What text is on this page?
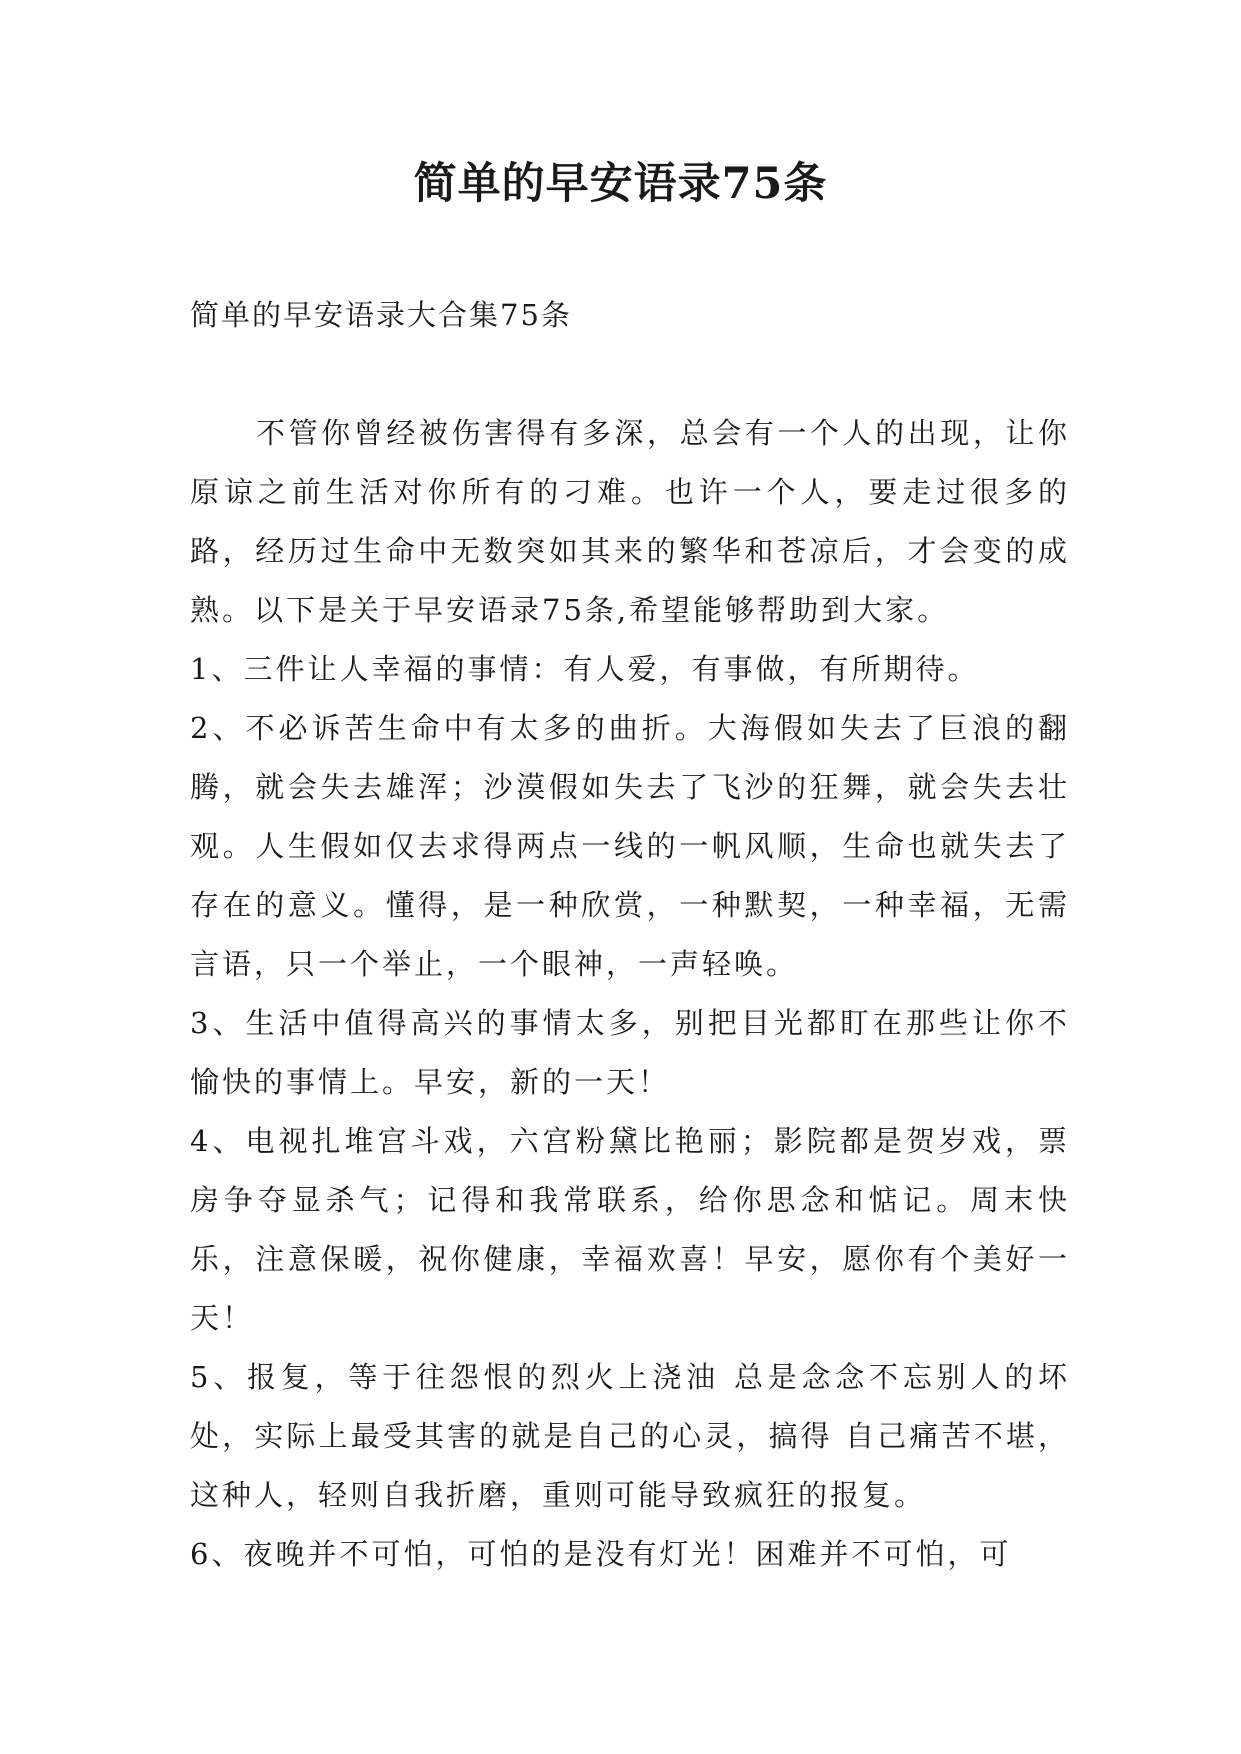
简单的早安语录75条
简单的早安语录大合集75条

不管你曾经被伤害得有多深，总会有一个人的出现，让你原谅之前生活对你所有的刁难。也许一个人，要走过很多的路，经历过生命中无数突如其来的繁华和苍凉后，才会变的成熟。以下是关于早安语录75条,希望能够帮助到大家。

1、三件让人幸福的事情：有人爱，有事做，有所期待。

2、不必诉苦生命中有太多的曲折。大海假如失去了巨浪的翻腾，就会失去雄浑；沙漠假如失去了飞沙的狂舞，就会失去壮观。人生假如仅去求得两点一线的一帆风顺，生命也就失去了存在的意义。懂得，是一种欣赏，一种默契，一种幸福，无需言语，只一个举止，一个眼神，一声轻唤。

3、生活中值得高兴的事情太多，别把目光都盯在那些让你不愉快的事情上。早安，新的一天！

4、电视扎堆宫斗戏，六宫粉黛比艳丽；影院都是贺岁戏，票房争夺显杀气；记得和我常联系，给你思念和惦记。周末快乐，注意保暖，祝你健康，幸福欢喜！早安，愿你有个美好一天！

5、报复，等于往怨恨的烈火上浇油 总是念念不忘别人的坏处，实际上最受其害的就是自己的心灵，搞得 自己痛苦不堪，这种人，轻则自我折磨，重则可能导致疯狂的报复。

6、夜晚并不可怕，可怕的是没有灯光！困难并不可怕，可
